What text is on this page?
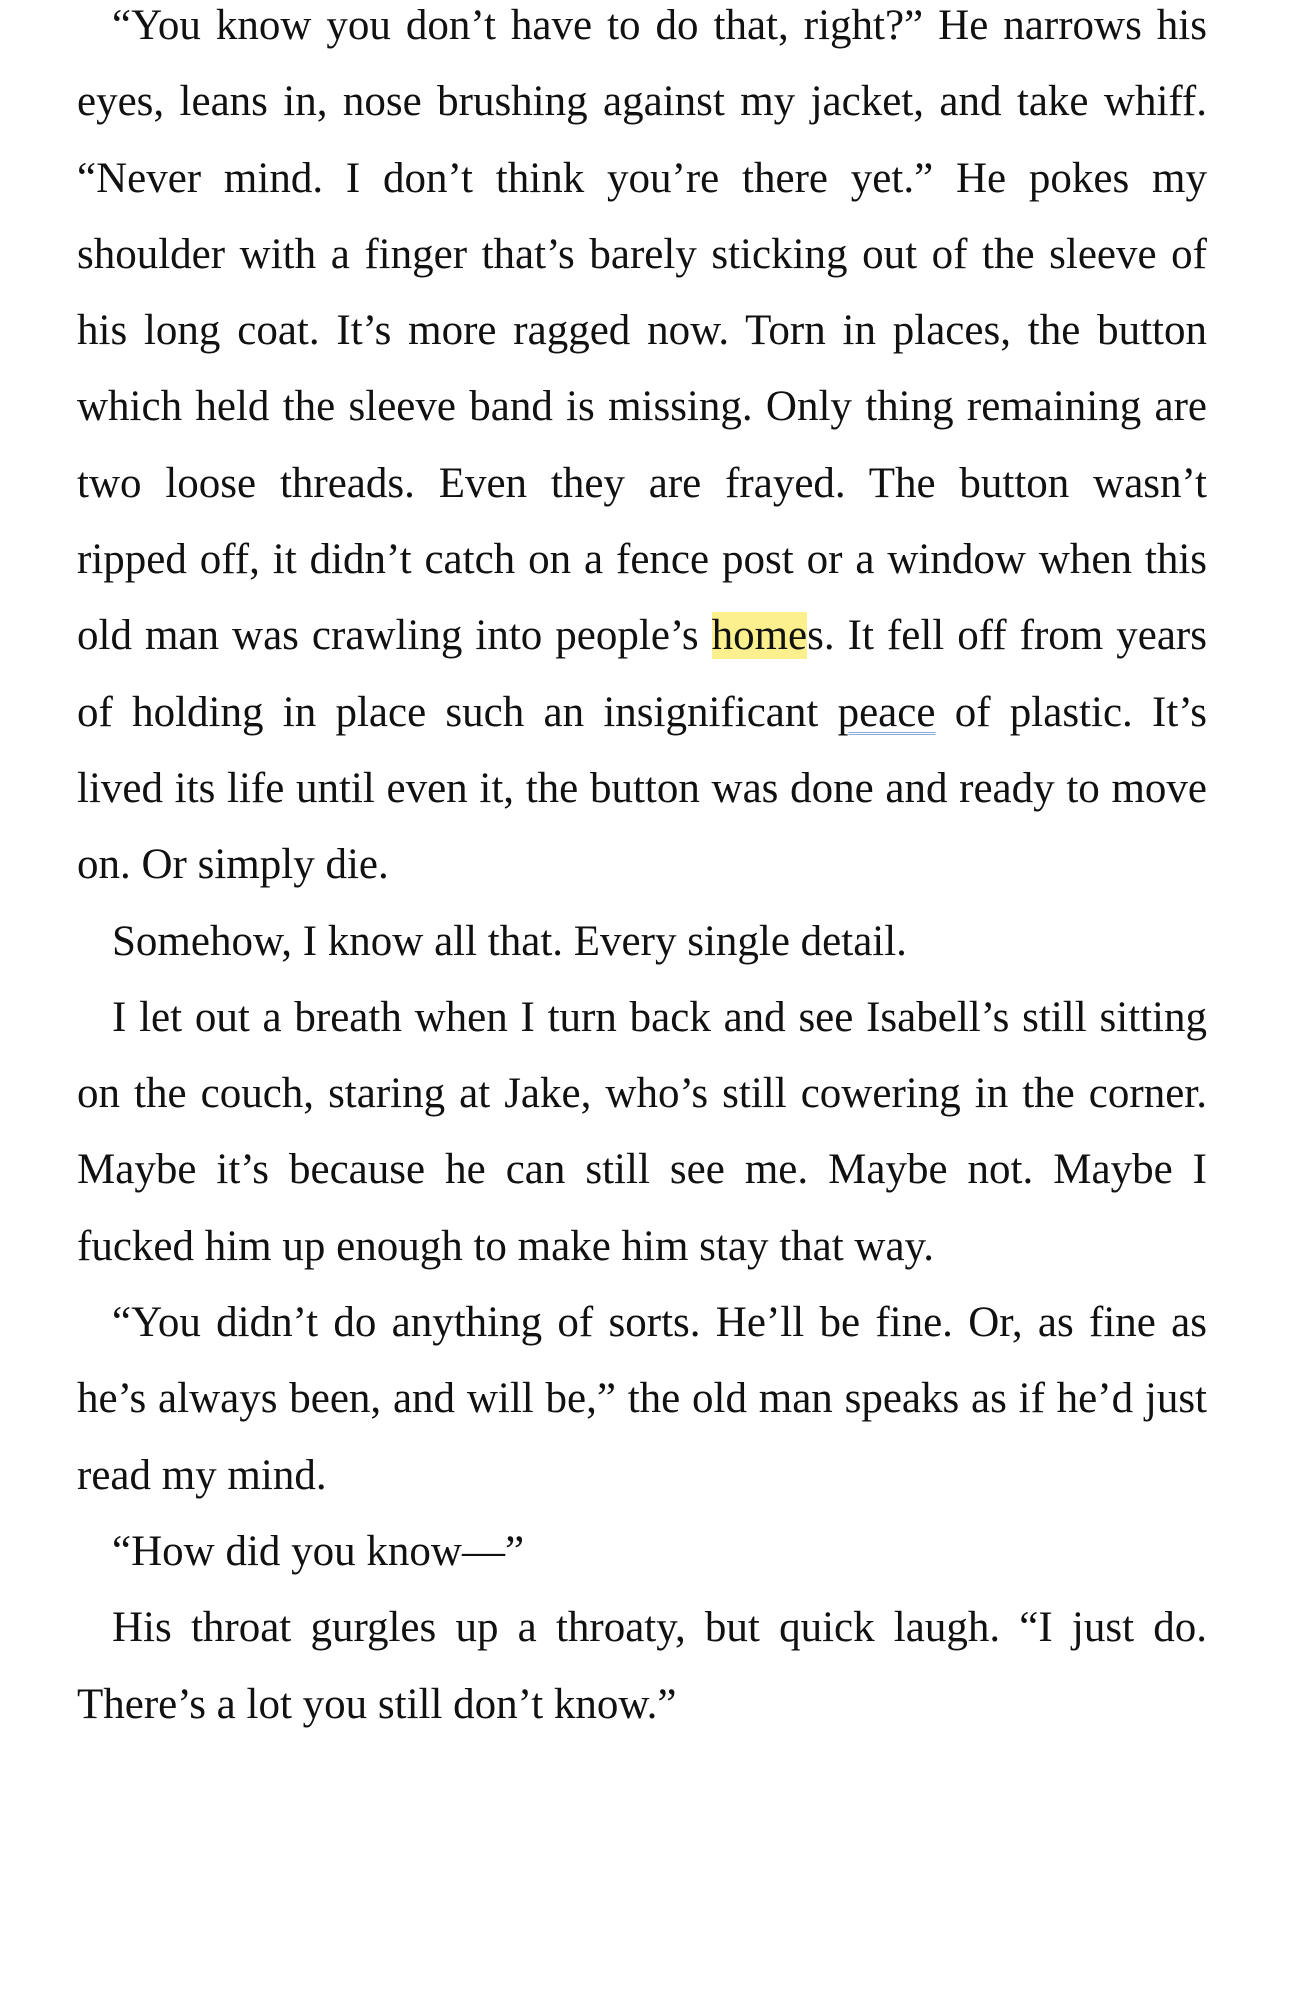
“You know you don’t have to do that, right?” He narrows his eyes, leans in, nose brushing against my jacket, and take whiff. “Never mind. I don’t think you’re there yet.” He pokes my shoulder with a finger that’s barely sticking out of the sleeve of his long coat. It’s more ragged now. Torn in places, the button which held the sleeve band is missing. Only thing remaining are two loose threads. Even they are frayed. The button wasn’t ripped off, it didn’t catch on a fence post or a window when this old man was crawling into people’s homes. It fell off from years of holding in place such an insignificant peace of plastic. It’s lived its life until even it, the button was done and ready to move on. Or simply die.

Somehow, I know all that. Every single detail.

I let out a breath when I turn back and see Isabell’s still sitting on the couch, staring at Jake, who’s still cowering in the corner. Maybe it’s because he can still see me. Maybe not. Maybe I fucked him up enough to make him stay that way.

“You didn’t do anything of sorts. He’ll be fine. Or, as fine as he’s always been, and will be,” the old man speaks as if he’d just read my mind.

“How did you know—”

His throat gurgles up a throaty, but quick laugh. “I just do. There’s a lot you still don’t know.”
